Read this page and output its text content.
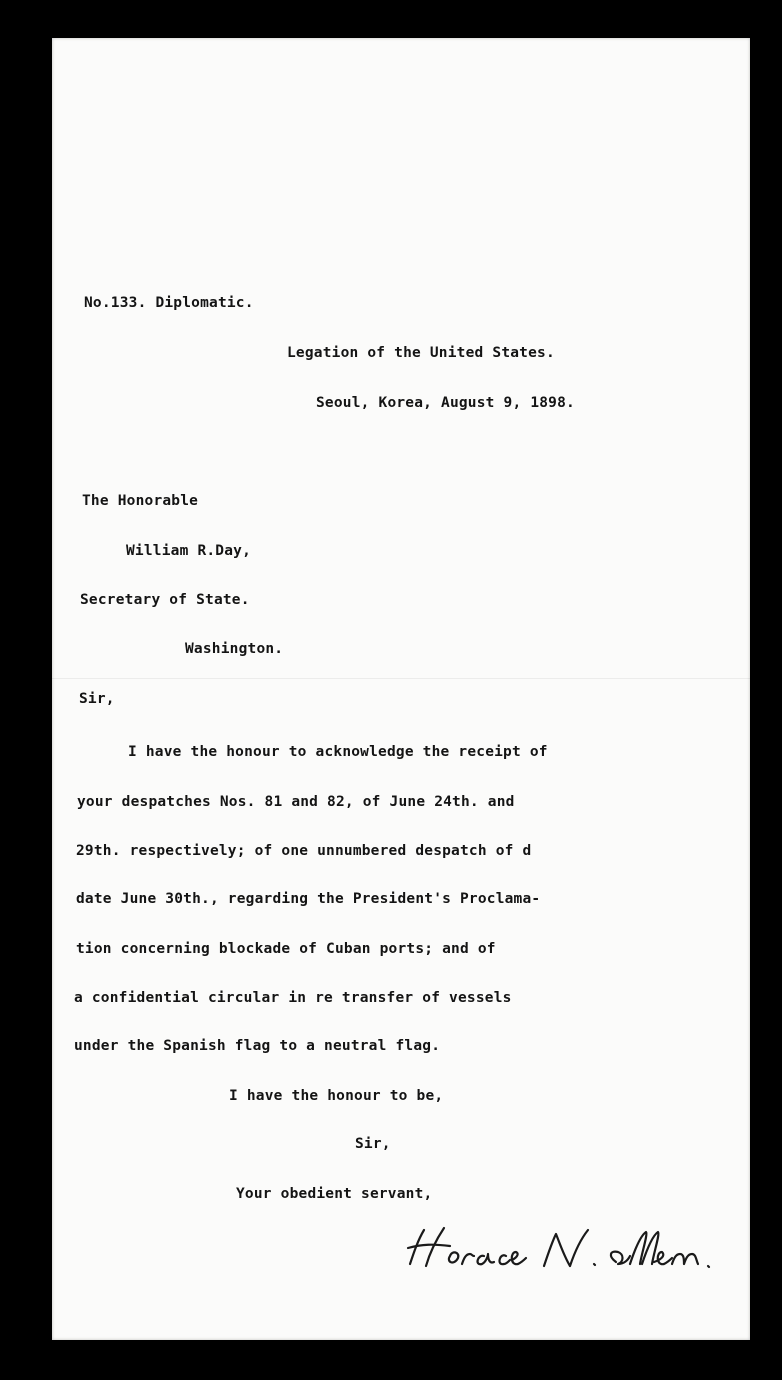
No.133. Diplomatic.
Legation of the United States.
Seoul, Korea, August 9, 1898.
The Honorable
William R.Day,
Secretary of State.
Washington.
Sir,
I have the honour to acknowledge the receipt of
your despatches Nos. 81 and 82, of June 24th. and
29th. respectively; of one unnumbered despatch of d
date June 30th., regarding the President's Proclama-
tion concerning blockade of Cuban ports; and of
a confidential circular in re transfer of vessels
under the Spanish flag to a neutral flag.
I have the honour to be,
Sir,
Your obedient servant,
